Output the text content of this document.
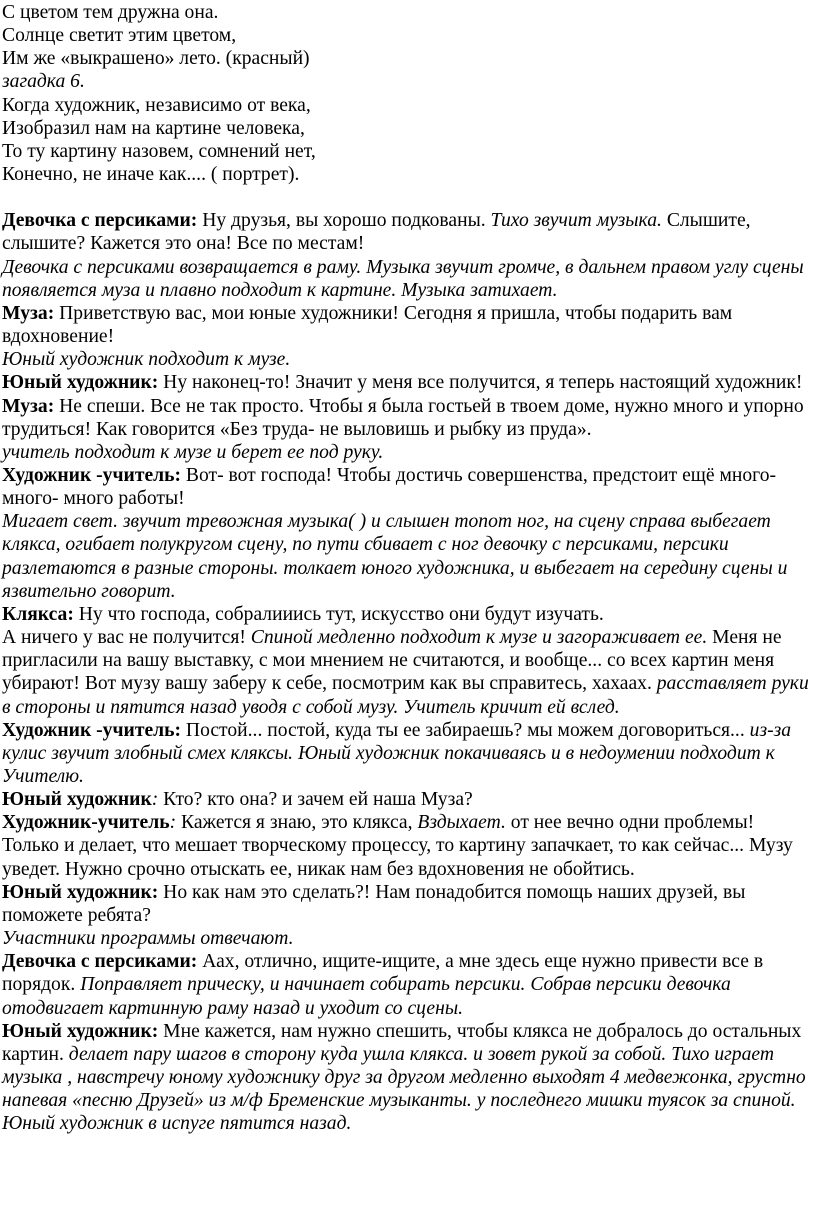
С цветом тем дружна она.
Солнце светит этим цветом,
Им же «выкрашено» лето. (красный)
загадка 6.
Когда художник, независимо от века,
Изобразил нам на картине человека,
То ту картину назовем, сомнений нет,
Конечно, не иначе как.... ( портрет).
Девочка с персиками: Ну друзья, вы хорошо подкованы. Тихо звучит музыка. Слышите, слышите? Кажется это она! Все по местам!
Девочка с персиками возвращается в раму. Музыка звучит громче, в дальнем правом углу сцены появляется муза и плавно подходит к картине. Музыка затихает.
Муза: Приветствую вас, мои юные художники! Сегодня я пришла, чтобы подарить вам вдохновение!
Юный художник подходит к музе.
Юный художник: Ну наконец-то! Значит у меня все получится, я теперь настоящий художник!
Муза: Не спеши. Все не так просто. Чтобы я была гостьей в твоем доме, нужно много и упорно трудиться! Как говорится «Без труда- не выловишь и рыбку из пруда».
учитель подходит к музе и берет ее под руку.
Художник -учитель: Вот- вот господа! Чтобы достичь совершенства, предстоит ещё много- много- много работы!
Мигает свет. звучит тревожная музыка( ) и слышен топот ног, на сцену справа выбегает клякса, огибает полукругом сцену, по пути сбивает с ног девочку с персиками, персики разлетаются в разные стороны. толкает юного художника, и выбегает на середину сцены и язвительно говорит.
Клякса: Ну что господа, собралииись тут, искусство они будут изучать.
А ничего у вас не получится! Спиной медленно подходит к музе и загораживает ее. Меня не пригласили на вашу выставку, с мои мнением не считаются, и вообще... со всех картин меня убирают! Вот музу вашу заберу к себе, посмотрим как вы справитесь, хахаах. расставляет руки в стороны и пятится назад уводя с собой музу. Учитель кричит ей вслед.
Художник -учитель: Постой... постой, куда ты ее забираешь? мы можем договориться... из-за кулис звучит злобный смех кляксы. Юный художник покачиваясь и в недоумении подходит к Учителю.
Юный художник: Кто? кто она? и зачем ей наша Муза?
Художник-учитель: Кажется я знаю, это клякса, Вздыхает. от нее вечно одни проблемы! Только и делает, что мешает творческому процессу, то картину запачкает, то как сейчас... Музу уведет. Нужно срочно отыскать ее, никак нам без вдохновения не обойтись.
Юный художник: Но как нам это сделать?! Нам понадобится помощь наших друзей, вы поможете ребята?
Участники программы отвечают.
Девочка с персиками: Аах, отлично, ищите-ищите, а мне здесь еще нужно привести все в порядок. Поправляет прическу, и начинает собирать персики. Собрав персики девочка отодвигает картинную раму назад и уходит со сцены.
Юный художник: Мне кажется, нам нужно спешить, чтобы клякса не добралось до остальных картин. делает пару шагов в сторону куда ушла клякса. и зовет рукой за собой. Тихо играет музыка , навстречу юному художнику друг за другом медленно выходят 4 медвежонка, грустно напевая «песню Друзей» из м/ф Бременские музыканты. у последнего мишки туясок за спиной. Юный художник в испуге пятится назад.
